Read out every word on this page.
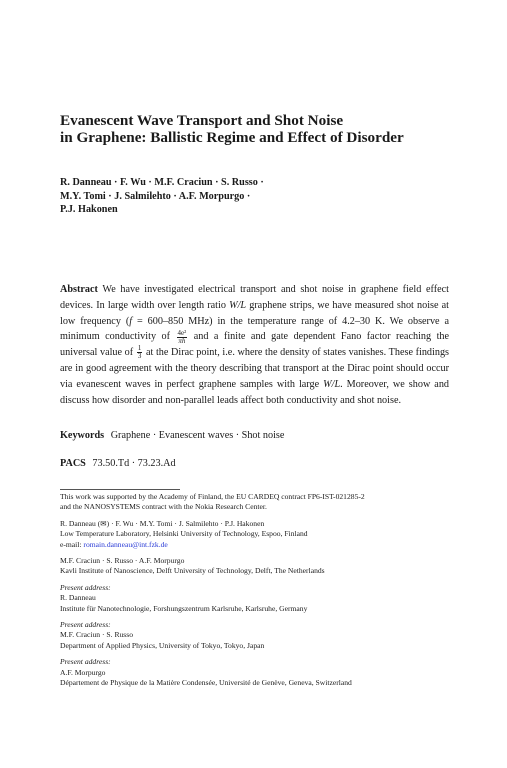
Evanescent Wave Transport and Shot Noise
in Graphene: Ballistic Regime and Effect of Disorder
R. Danneau · F. Wu · M.F. Craciun · S. Russo ·
M.Y. Tomi · J. Salmilehto · A.F. Morpurgo ·
P.J. Hakonen
Abstract We have investigated electrical transport and shot noise in graphene field effect devices. In large width over length ratio W/L graphene strips, we have measured shot noise at low frequency (f = 600–850 MHz) in the temperature range of 4.2–30 K. We observe a minimum conductivity of $\frac{\text{4e²}}{\pi h}$ and a finite and gate dependent Fano factor reaching the universal value of $\frac{1}{3}$ at the Dirac point, i.e. where the density of states vanishes. These findings are in good agreement with the theory describing that transport at the Dirac point should occur via evanescent waves in perfect graphene samples with large W/L. Moreover, we show and discuss how disorder and non-parallel leads affect both conductivity and shot noise.
Keywords Graphene · Evanescent waves · Shot noise
PACS 73.50.Td · 73.23.Ad

This work was supported by the Academy of Finland, the EU CARDEQ contract FP6-IST-021285-2

and the NANOSYSTEMS contract with the Nokia Research Center.

R. Danneau (✉) · F. Wu · M.Y. Tomi · J. Salmilehto · P.J. Hakonen

Low Temperature Laboratory, Helsinki University of Technology, Espoo, Finland

e-mail: romain.danneau@int.fzk.de

M.F. Craciun · S. Russo · A.F. Morpurgo

Kavli Institute of Nanoscience, Delft University of Technology, Delft, The Netherlands

Present address:

R. Danneau

Institute für Nanotechnologie, Forshungszentrum Karlsruhe, Karlsruhe, Germany

Present address:

M.F. Craciun · S. Russo

Department of Applied Physics, University of Tokyo, Tokyo, Japan

Present address:

A.F. Morpurgo

Département de Physique de la Matière Condensée, Université de Genève, Geneva, Switzerland
